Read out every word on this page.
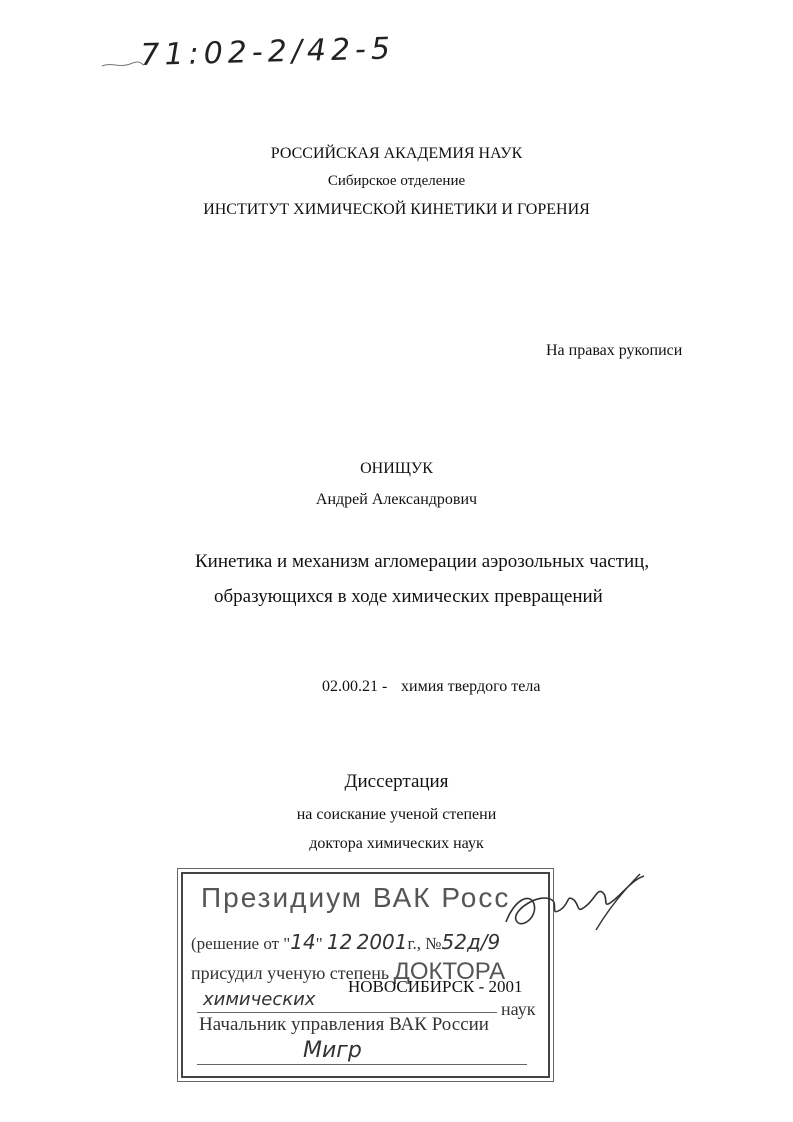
71:02-2/42-5
РОССИЙСКАЯ АКАДЕМИЯ НАУК
Сибирское отделение
ИНСТИТУТ ХИМИЧЕСКОЙ КИНЕТИКИ И ГОРЕНИЯ
На правах рукописи
ОНИЩУК
Андрей Александрович
Кинетика и механизм агломерации аэрозольных частиц,
образующихся в ходе химических превращений
02.00.21 - химия твердого тела
Диссертация
на соискание ученой степени
доктора химических наук
Президиум ВАК Росс
(решение от "14" 12 2001г., №52д/9
присудил ученую степень ДОКТОРА
химических	наук
Начальник управления ВАК России
Мигр
НОВОСИБИРСК - 2001
